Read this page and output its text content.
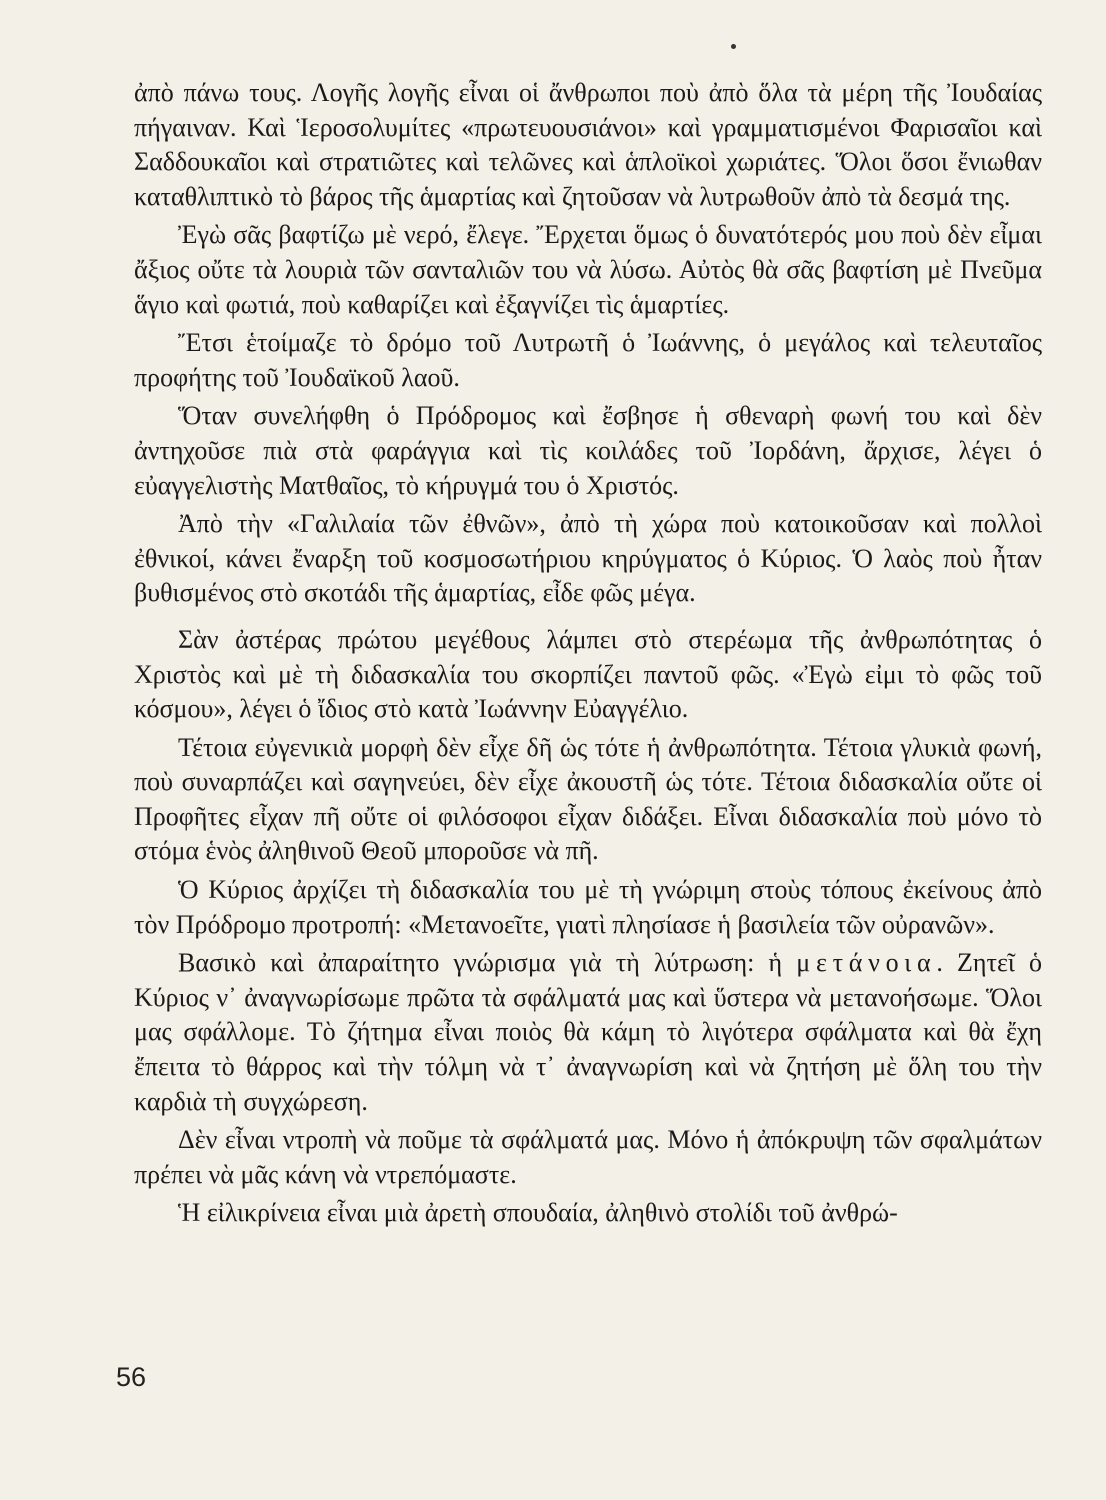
ἀπὸ πάνω τους. Λογῆς λογῆς εἶναι οἱ ἄνθρωποι ποὺ ἀπὸ ὅλα τὰ μέρη τῆς Ἰουδαίας πήγαιναν. Καὶ Ἱεροσολυμίτες «πρωτευουσιάνοι» καὶ γραμματισμένοι Φαρισαῖοι καὶ Σαδδουκαῖοι καὶ στρατιῶτες καὶ τελῶνες καὶ ἁπλοϊκοὶ χωριάτες. Ὅλοι ὅσοι ἔνιωθαν καταθλιπτικὸ τὸ βάρος τῆς ἁμαρτίας καὶ ζητοῦσαν νὰ λυτρωθοῦν ἀπὸ τὰ δεσμά της.

Ἐγὼ σᾶς βαφτίζω μὲ νερό, ἔλεγε. Ἔρχεται ὅμως ὁ δυνατότερός μου ποὺ δὲν εἶμαι ἄξιος οὔτε τὰ λουριὰ τῶν σανταλιῶν του νὰ λύσω. Αὐτὸς θὰ σᾶς βαφτίση μὲ Πνεῦμα ἅγιο καὶ φωτιά, ποὺ καθαρίζει καὶ ἐξαγνίζει τὶς ἁμαρτίες.

Ἔτσι ἑτοίμαζε τὸ δρόμο τοῦ Λυτρωτῆ ὁ Ἰωάννης, ὁ μεγάλος καὶ τελευταῖος προφήτης τοῦ Ἰουδαϊκοῦ λαοῦ.

Ὅταν συνελήφθη ὁ Πρόδρομος καὶ ἔσβησε ἡ σθεναρὴ φωνή του καὶ δὲν ἀντηχοῦσε πιὰ στὰ φαράγγια καὶ τὶς κοιλάδες τοῦ Ἰορδάνη, ἄρχισε, λέγει ὁ εὐαγγελιστὴς Ματθαῖος, τὸ κήρυγμά του ὁ Χριστός.

Ἀπὸ τὴν «Γαλιλαία τῶν ἐθνῶν», ἀπὸ τὴ χώρα ποὺ κατοικοῦσαν καὶ πολλοὶ ἐθνικοί, κάνει ἔναρξη τοῦ κοσμοσωτήριου κηρύγματος ὁ Κύριος. Ὁ λαὸς ποὺ ἦταν βυθισμένος στὸ σκοτάδι τῆς ἁμαρτίας, εἶδε φῶς μέγα.

Σὰν ἀστέρας πρώτου μεγέθους λάμπει στὸ στερέωμα τῆς ἀνθρωπότητας ὁ Χριστὸς καὶ μὲ τὴ διδασκαλία του σκορπίζει παντοῦ φῶς. «Ἐγὼ εἰμι τὸ φῶς τοῦ κόσμου», λέγει ὁ ἴδιος στὸ κατὰ Ἰωάννην Εὐαγγέλιο.

Τέτοια εὐγενικιὰ μορφὴ δὲν εἶχε δῆ ὡς τότε ἡ ἀνθρωπότητα. Τέτοια γλυκιὰ φωνή, ποὺ συναρπάζει καὶ σαγηνεύει, δὲν εἶχε ἀκουστῆ ὡς τότε. Τέτοια διδασκαλία οὔτε οἱ Προφῆτες εἶχαν πῆ οὔτε οἱ φιλόσοφοι εἶχαν διδάξει. Εἶναι διδασκαλία ποὺ μόνο τὸ στόμα ἑνὸς ἀληθινοῦ Θεοῦ μποροῦσε νὰ πῆ.

Ὁ Κύριος ἀρχίζει τὴ διδασκαλία του μὲ τὴ γνώριμη στοὺς τόπους ἐκείνους ἀπὸ τὸν Πρόδρομο προτροπή: «Μετανοεῖτε, γιατὶ πλησίασε ἡ βασιλεία τῶν οὐρανῶν».

Βασικὸ καὶ ἀπαραίτητο γνώρισμα γιὰ τὴ λύτρωση: ἡ μετάνοια. Ζητεῖ ὁ Κύριος ν᾽ ἀναγνωρίσωμε πρῶτα τὰ σφάλματά μας καὶ ὕστερα νὰ μετανοήσωμε. Ὅλοι μας σφάλλομε. Τὸ ζήτημα εἶναι ποιὸς θὰ κάμη τὸ λιγότερα σφάλματα καὶ θὰ ἔχη ἔπειτα τὸ θάρρος καὶ τὴν τόλμη νὰ τ᾽ ἀναγνωρίση καὶ νὰ ζητήση μὲ ὅλη του τὴν καρδιὰ τὴ συγχώρεση.

Δὲν εἶναι ντροπὴ νὰ ποῦμε τὰ σφάλματά μας. Μόνο ἡ ἀπόκρυψη τῶν σφαλμάτων πρέπει νὰ μᾶς κάνη νὰ ντρεπόμαστε.

Ἡ εἰλικρίνεια εἶναι μιὰ ἀρετὴ σπουδαία, ἀληθινὸ στολίδι τοῦ ἀνθρώ-

56
